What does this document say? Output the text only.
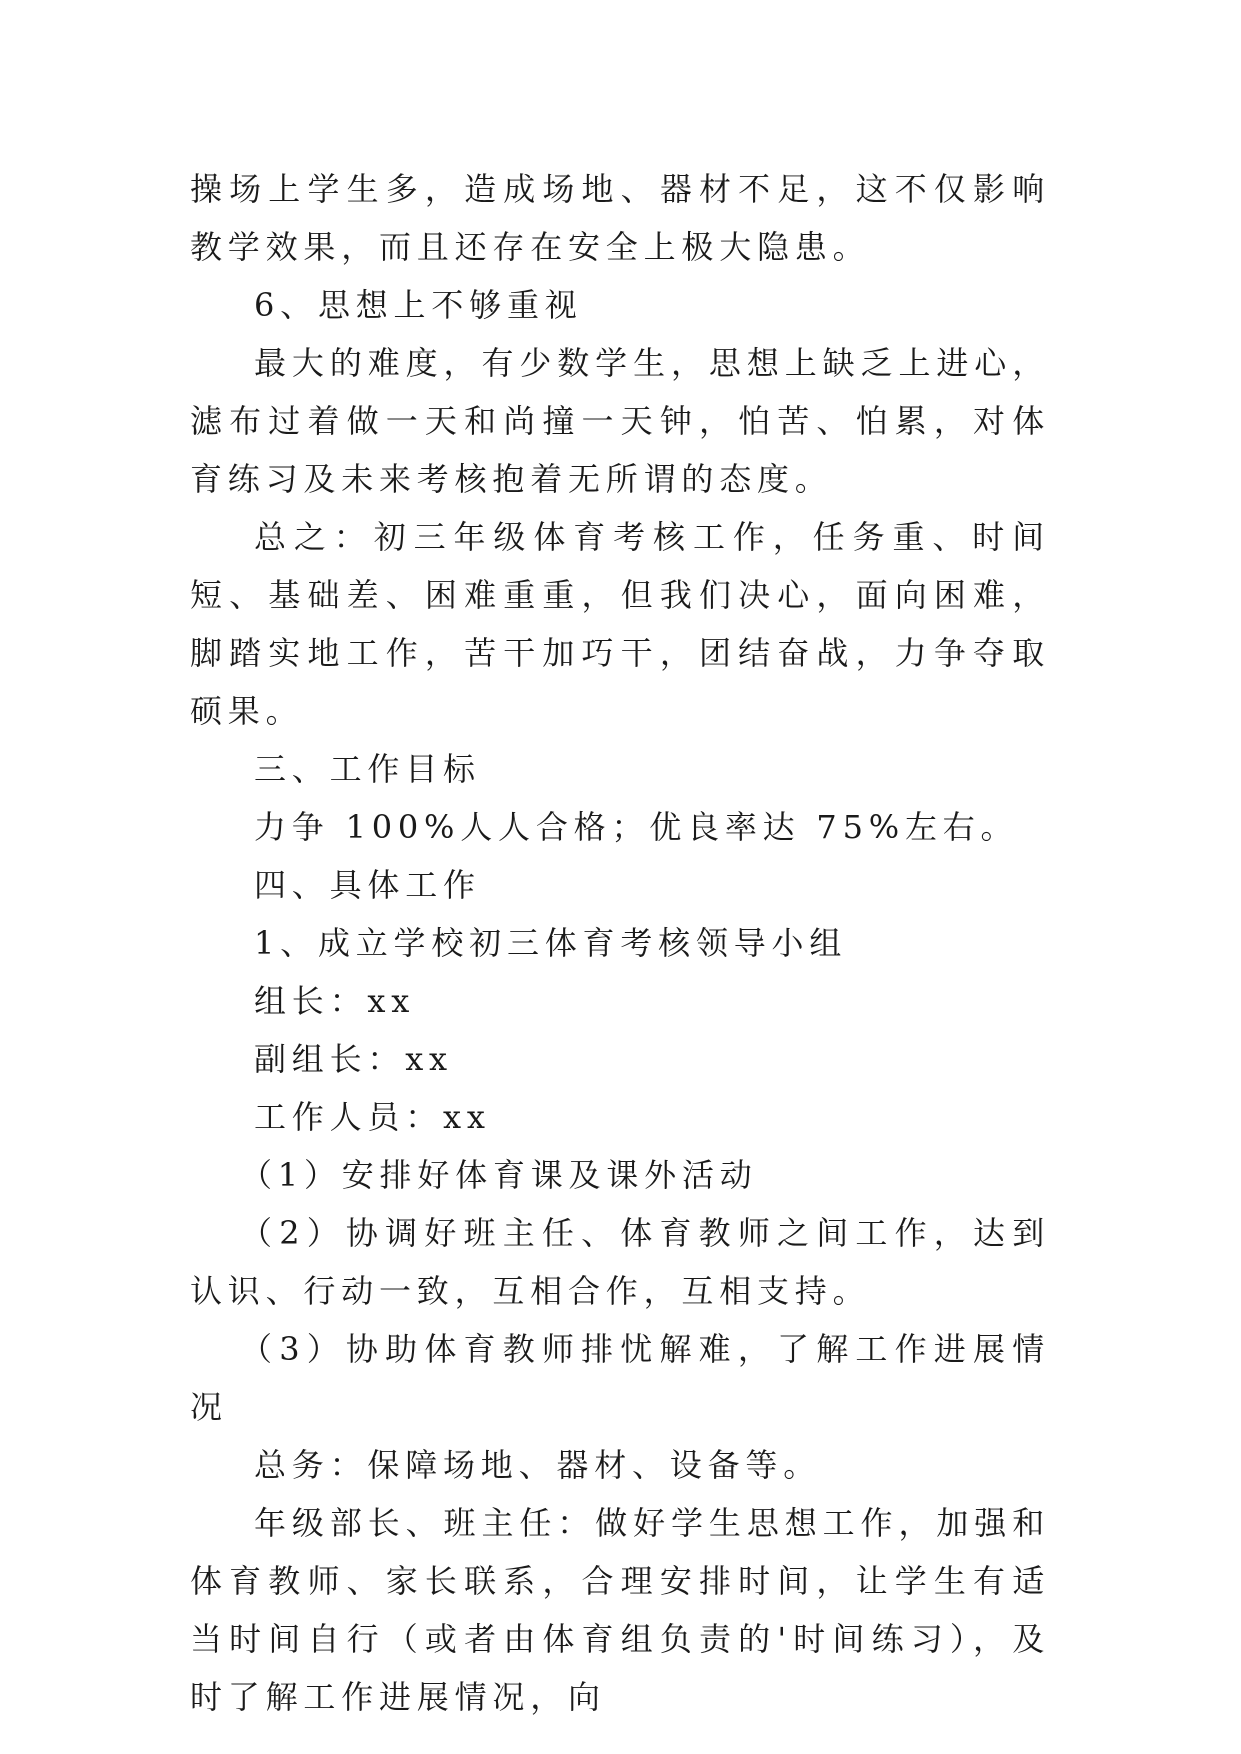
操场上学生多，造成场地、器材不足，这不仅影响教学效果，而且还存在安全上极大隐患。

6、思想上不够重视

最大的难度，有少数学生，思想上缺乏上进心，滤布过着做一天和尚撞一天钟，怕苦、怕累，对体育练习及未来考核抱着无所谓的态度。

总之：初三年级体育考核工作，任务重、时间短、基础差、困难重重，但我们决心，面向困难，脚踏实地工作，苦干加巧干，团结奋战，力争夺取硕果。

三、工作目标

力争 100%人人合格；优良率达 75%左右。

四、具体工作

1、成立学校初三体育考核领导小组

组长：xx

副组长：xx

工作人员：xx

（1）安排好体育课及课外活动

（2）协调好班主任、体育教师之间工作，达到认识、行动一致，互相合作，互相支持。

（3）协助体育教师排忧解难，了解工作进展情况

总务：保障场地、器材、设备等。

年级部长、班主任：做好学生思想工作，加强和体育教师、家长联系，合理安排时间，让学生有适当时间自行（或者由体育组负责的'时间练习），及时了解工作进展情况，向
